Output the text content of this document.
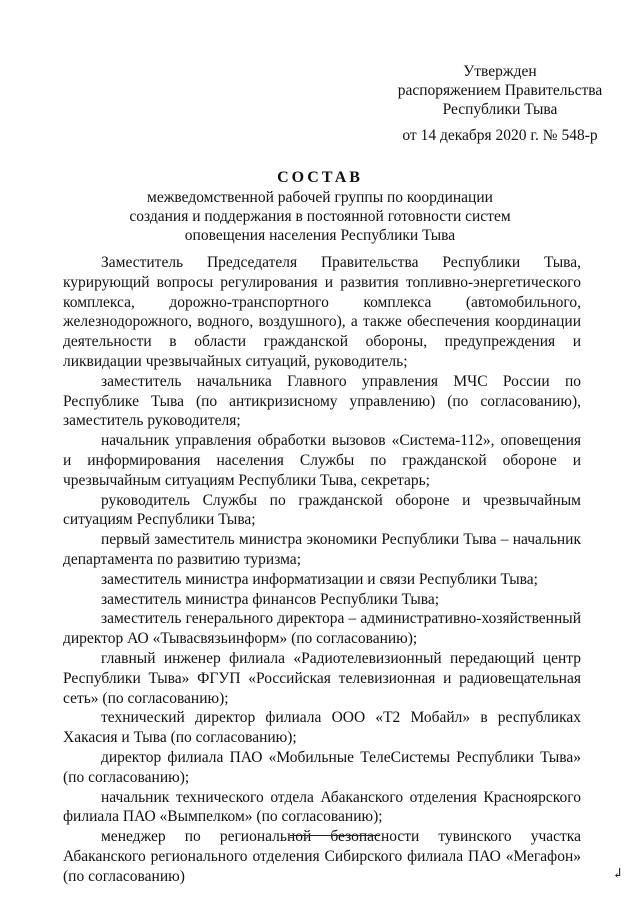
Утвержден
распоряжением Правительства
Республики Тыва
от 14 декабря 2020 г. № 548-р
СОСТАВ
межведомственной рабочей группы по координации
создания и поддержания в постоянной готовности систем
оповещения населения Республики Тыва

Заместитель Председателя Правительства Республики Тыва, курирующий вопросы регулирования и развития топливно-энергетического комплекса, дорожно-транспортного комплекса (автомобильного, железнодорожного, водного, воздушного), а также обеспечения координации деятельности в области гражданской обороны, предупреждения и ликвидации чрезвычайных ситуаций, руководитель;

заместитель начальника Главного управления МЧС России по Республике Тыва (по антикризисному управлению) (по согласованию), заместитель руководителя;

начальник управления обработки вызовов «Система-112», оповещения и информирования населения Службы по гражданской обороне и чрезвычайным ситуациям Республики Тыва, секретарь;

руководитель Службы по гражданской обороне и чрезвычайным ситуациям Республики Тыва;

первый заместитель министра экономики Республики Тыва – начальник департамента по развитию туризма;

заместитель министра информатизации и связи Республики Тыва;

заместитель министра финансов Республики Тыва;

заместитель генерального директора – административно-хозяйственный директор АО «Тывасвязьинформ» (по согласованию);

главный инженер филиала «Радиотелевизионный передающий центр Республики Тыва» ФГУП «Российская телевизионная и радиовещательная сеть» (по согласованию);

технический директор филиала ООО «Т2 Мобайл» в республиках Хакасия и Тыва (по согласованию);

директор филиала ПАО «Мобильные ТелеСистемы Республики Тыва» (по согласованию);

начальник технического отдела Абаканского отделения Красноярского филиала ПАО «Вымпелком» (по согласованию);

менеджер по региональной безопасности тувинского участка Абаканского регионального отделения Сибирского филиала ПАО «Мегафон» (по согласованию)	↲
